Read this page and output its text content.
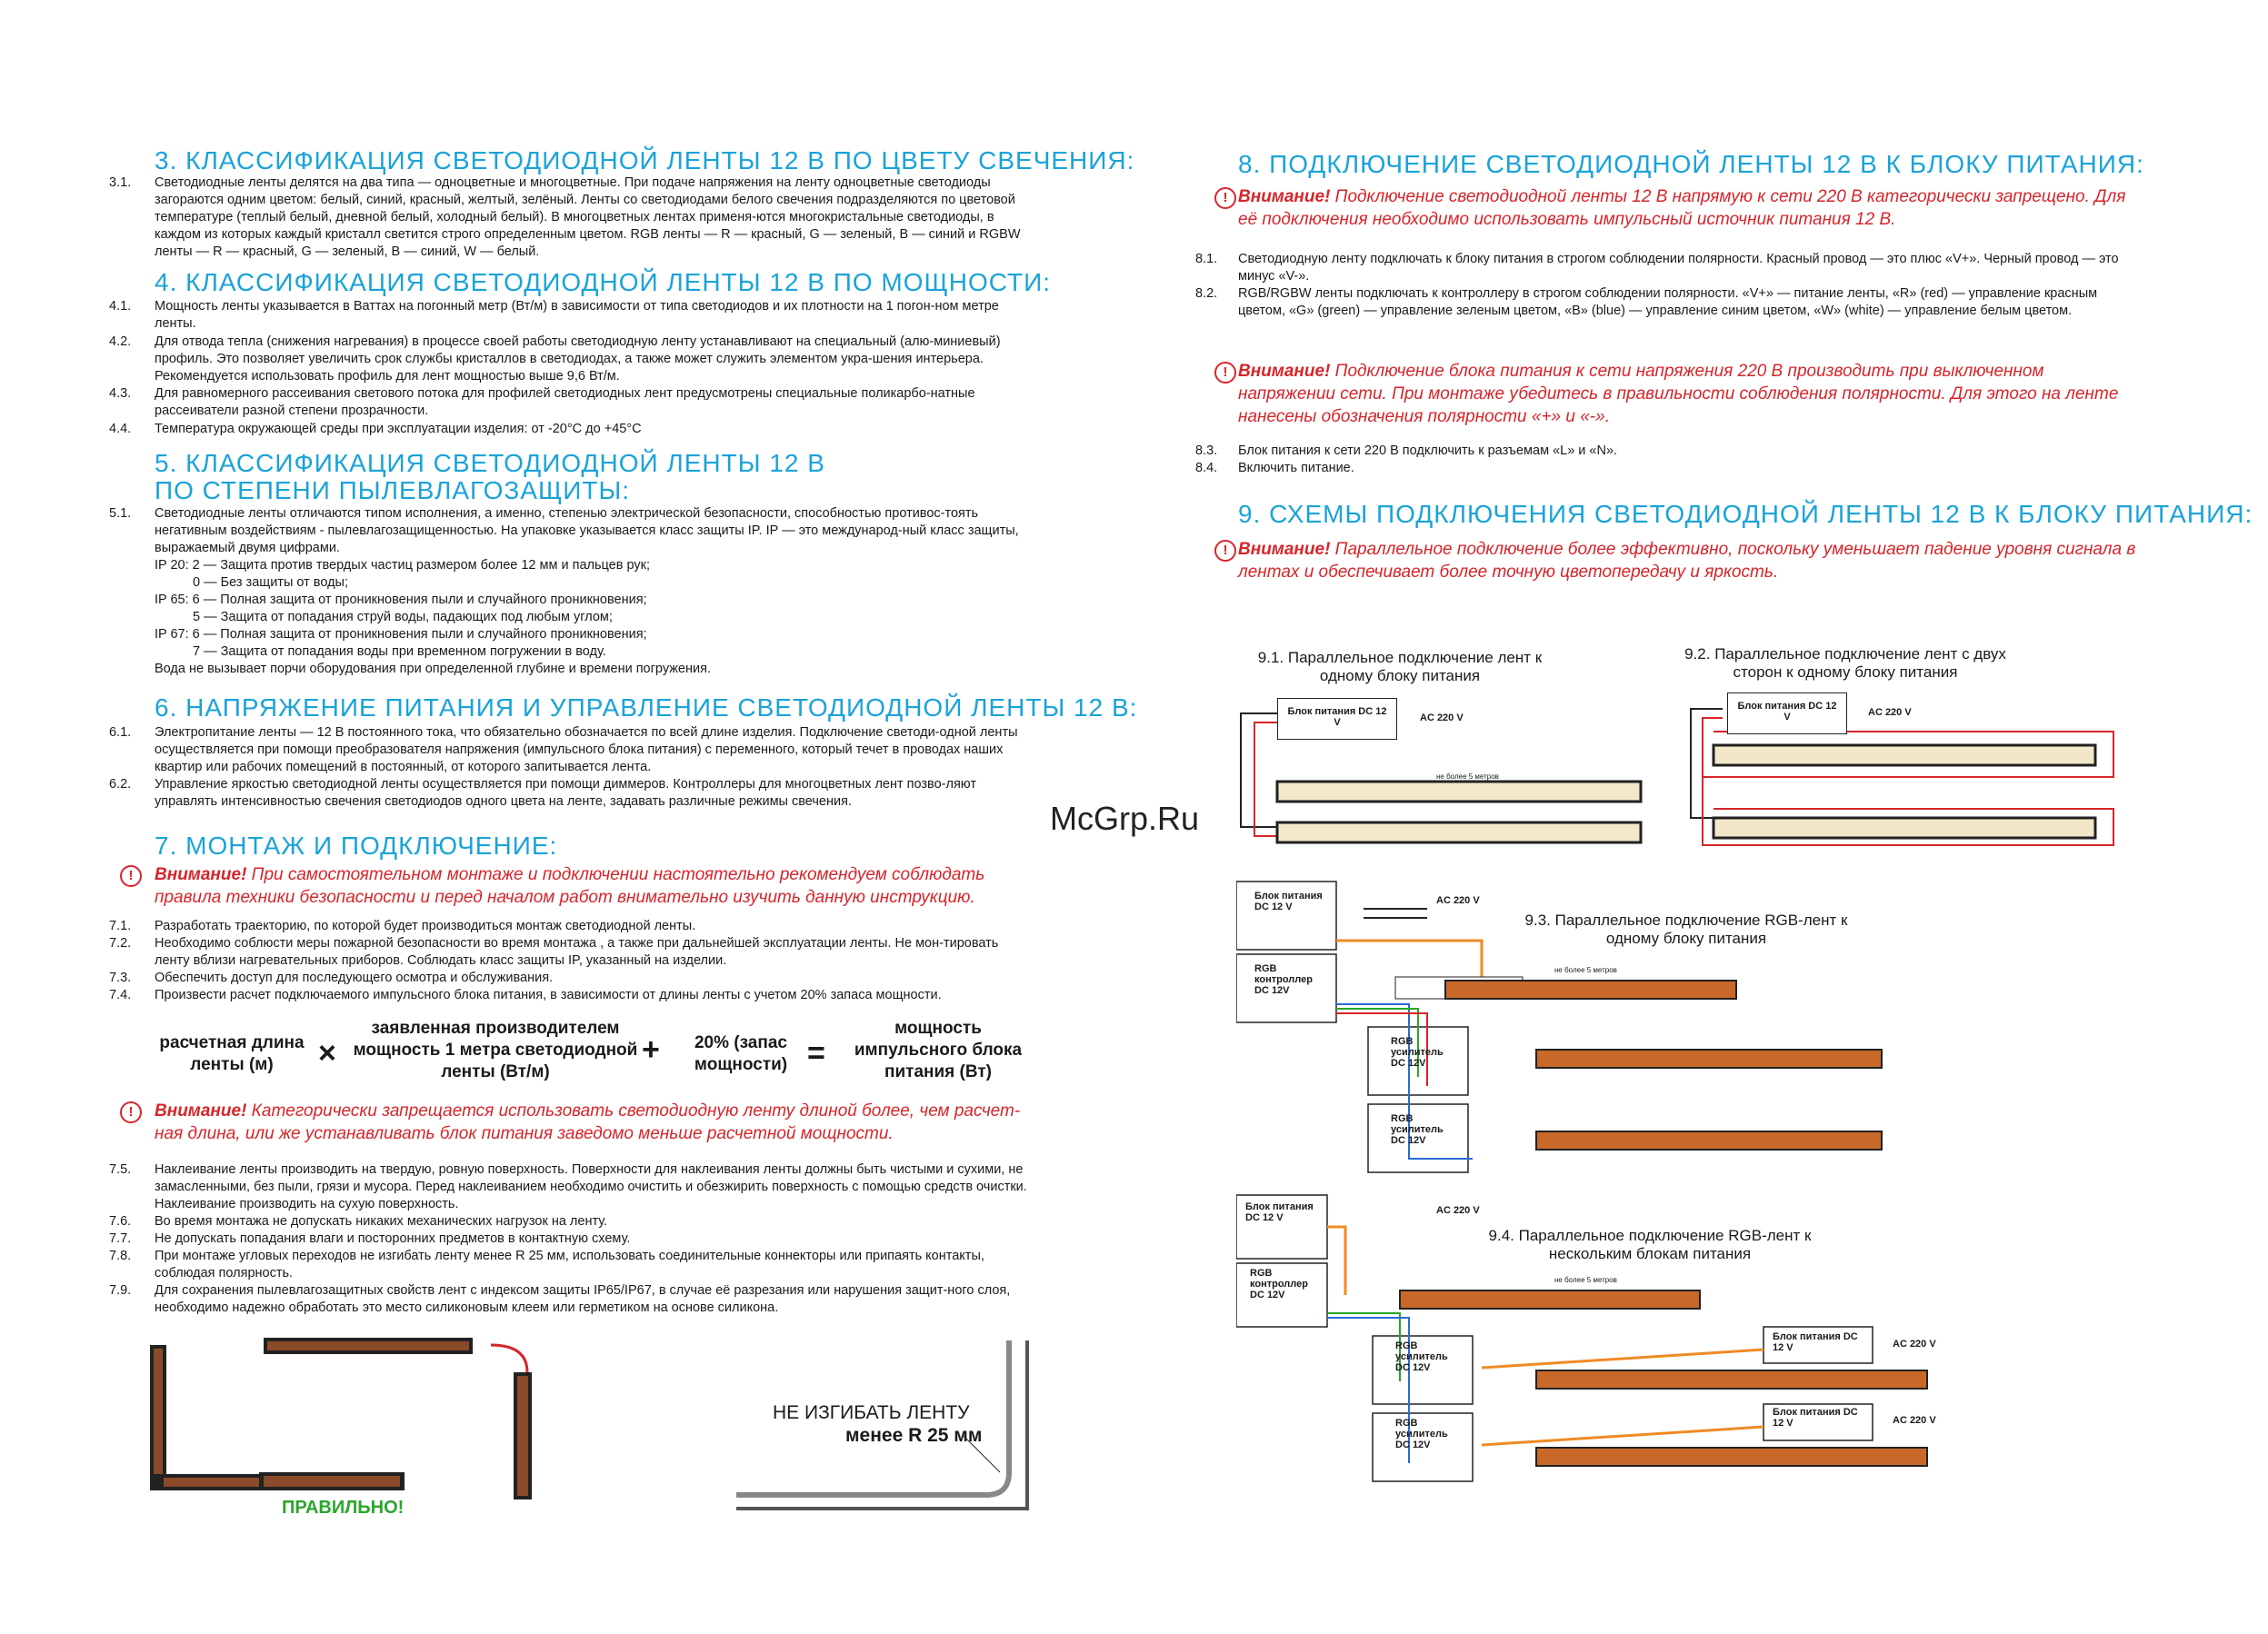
3. КЛАССИФИКАЦИЯ СВЕТОДИОДНОЙ ЛЕНТЫ 12 В ПО ЦВЕТУ СВЕЧЕНИЯ:
3.1. Светодиодные ленты делятся на два типа — одноцветные и многоцветные. При подаче напряжения на ленту одноцветные светодиоды загораются одним цветом: белый, синий, красный, желтый, зелёный. Ленты со светодиодами белого свечения подразделяются по цветовой температуре (теплый белый, дневной белый, холодный белый). В многоцветных лентах применя-ются многокристальные светодиоды, в каждом из которых каждый кристалл светится строго определенным цветом. RGB ленты — R — красный, G — зеленый, B — синий и RGBW ленты — R — красный, G — зеленый, B — синий, W — белый.
4. КЛАССИФИКАЦИЯ СВЕТОДИОДНОЙ ЛЕНТЫ 12 В ПО МОЩНОСТИ:
4.1. Мощность ленты указывается в Ваттах на погонный метр (Вт/м) в зависимости от типа светодиодов и их плотности на 1 погон-ном метре ленты.
4.2. Для отвода тепла (снижения нагревания) в процессе своей работы светодиодную ленту устанавливают на специальный (алю-миниевый) профиль. Это позволяет увеличить срок службы кристаллов в светодиодах, а также может служить элементом укра-шения интерьера. Рекомендуется использовать профиль для лент мощностью выше 9,6 Вт/м.
4.3. Для равномерного рассеивания светового потока для профилей светодиодных лент предусмотрены специальные поликарбо-натные рассеиватели разной степени прозрачности.
4.4. Температура окружающей среды при эксплуатации изделия: от -20°С до +45°С
5. КЛАССИФИКАЦИЯ СВЕТОДИОДНОЙ ЛЕНТЫ 12 В
ПО СТЕПЕНИ ПЫЛЕВЛАГОЗАЩИТЫ:
5.1. Светодиодные ленты отличаются типом исполнения, а именно, степенью электрической безопасности, способностью противос-тоять негативным воздействиям - пылевлагозащищенностью. На упаковке указывается класс защиты IP. IP — это международ-ный класс защиты, выражаемый двумя цифрами.
IP 20: 2 — Защита против твердых частиц размером более 12 мм и пальцев рук;
0 — Без защиты от воды;
IP 65: 6 — Полная защита от проникновения пыли и случайного проникновения;
5 — Защита от попадания струй воды, падающих под любым углом;
IP 67: 6 — Полная защита от проникновения пыли и случайного проникновения;
7 — Защита от попадания воды при временном погружении в воду.
Вода не вызывает порчи оборудования при определенной глубине и времени погружения.
6. НАПРЯЖЕНИЕ ПИТАНИЯ И УПРАВЛЕНИЕ СВЕТОДИОДНОЙ ЛЕНТЫ 12 В:
6.1. Электропитание ленты — 12 В постоянного тока, что обязательно обозначается по всей длине изделия. Подключение светоди-одной ленты осуществляется при помощи преобразователя напряжения (импульсного блока питания) с переменного, который течет в проводах наших квартир или рабочих помещений в постоянный, от которого запитывается лента.
6.2. Управление яркостью светодиодной ленты осуществляется при помощи диммеров. Контроллеры для многоцветных лент позво-ляют управлять интенсивностью свечения светодиодов одного цвета на ленте, задавать различные режимы свечения.
7. МОНТАЖ И ПОДКЛЮЧЕНИЕ:
!	Внимание! При самостоятельном монтаже и подключении настоятельно рекомендуем соблюдать правила техники безопасности и перед началом работ внимательно изучить данную инструкцию.
7.1. Разработать траекторию, по которой будет производиться монтаж светодиодной ленты.
7.2. Необходимо соблюсти меры пожарной безопасности во время монтажа , а также при дальнейшей эксплуатации ленты. Не мон-тировать ленту вблизи нагревательных приборов. Соблюдать класс защиты IP, указанный на изделии.
7.3. Обеспечить доступ для последующего осмотра и обслуживания.
7.4. Произвести расчет подключаемого импульсного блока питания, в зависимости от длины ленты с учетом 20% запаса мощности.
расчетная длина ленты (м)	×
заявленная производителем мощность 1 метра светодиодной ленты (Вт/м)
+	20% (запас мощности) =
мощность импульсного блока питания (Вт)
!	Внимание! Категорически запрещается использовать светодиодную ленту длиной более, чем расчет-ная длина, или же устанавливать блок питания заведомо меньше расчетной мощности.
7.5. Наклеивание ленты производить на твердую, ровную поверхность. Поверхности для наклеивания ленты должны быть чистыми и сухими, не замасленными, без пыли, грязи и мусора. Перед наклеиванием необходимо очистить и обезжирить поверхность с помощью средств очистки. Наклеивание производить на сухую поверхность.
7.6. Во время монтажа не допускать никаких механических нагрузок на ленту.
7.7. Не допускать попадания влаги и посторонних предметов в контактную схему.
7.8. При монтаже угловых переходов не изгибать ленту менее R 25 мм, использовать соединительные коннекторы или припаять контакты, соблюдая полярность.
7.9. Для сохранения пылевлагозащитных свойств лент с индексом защиты IP65/IP67, в случае её разрезания или нарушения защит-ного слоя, необходимо надежно обработать это место силиконовым клеем или герметиком на основе силикона.
ПРАВИЛЬНО!
НЕ ИЗГИБАТЬ ЛЕНТУ
менее R 25 мм
8. ПОДКЛЮЧЕНИЕ СВЕТОДИОДНОЙ ЛЕНТЫ 12 В К БЛОКУ ПИТАНИЯ:
! Внимание! Подключение светодиодной ленты 12 В напрямую к сети 220 В категорически запрещено. Для её подключения необходимо использовать импульсный источник питания 12 В.
8.1. Светодиодную ленту подключать к блоку питания в строгом соблюдении полярности. Красный провод — это плюс «V+». Черный провод — это минус «V-».
8.2. RGB/RGBW ленты подключать к контроллеру в строгом соблюдении полярности. «V+» — питание ленты, «R» (red) — управление красным цветом, «G» (green) — управление зеленым цветом, «B» (blue) — управление синим цветом, «W» (white) — управление белым цветом.
! Внимание! Подключение блока питания к сети напряжения 220 В производить при выключенном напряжении сети. При монтаже убедитесь в правильности соблюдения полярности. Для этого на ленте нанесены обозначения полярности «+» и «-».
8.3. Блок питания к сети 220 В подключить к разъемам «L» и «N».
8.4. Включить питание.
9. СХЕМЫ ПОДКЛЮЧЕНИЯ СВЕТОДИОДНОЙ ЛЕНТЫ 12 В К БЛОКУ ПИТАНИЯ:
! Внимание! Параллельное подключение более эффективно, поскольку уменьшает падение уровня сигнала в лентах и обеспечивает более точную цветопередачу и яркость.
9.1. Параллельное подключение лент к одному блоку питания
9.2. Параллельное подключение лент с двух сторон к одному блоку питания
Блок питания DC 12 V	AC 220 V
не более 5 метров
Блок питания DC 12 V	AC 220 V
McGrp.Ru
9.3. Параллельное подключение RGB-лент к одному блоку питания
Блок питания DC 12 V
AC 220 V
RGB контроллер DC 12V
RGB усилитель DC 12V
RGB усилитель DC 12V
не более 5 метров
9.4. Параллельное подключение RGB-лент к нескольким блокам питания
Блок питания DC 12 V
AC 220 V
RGB контроллер DC 12V
RGB усилитель DC 12V
RGB усилитель DC 12V
Блок питания DC 12 V
Блок питания DC 12 V
AC 220 V
AC 220 V
не более 5 метров
